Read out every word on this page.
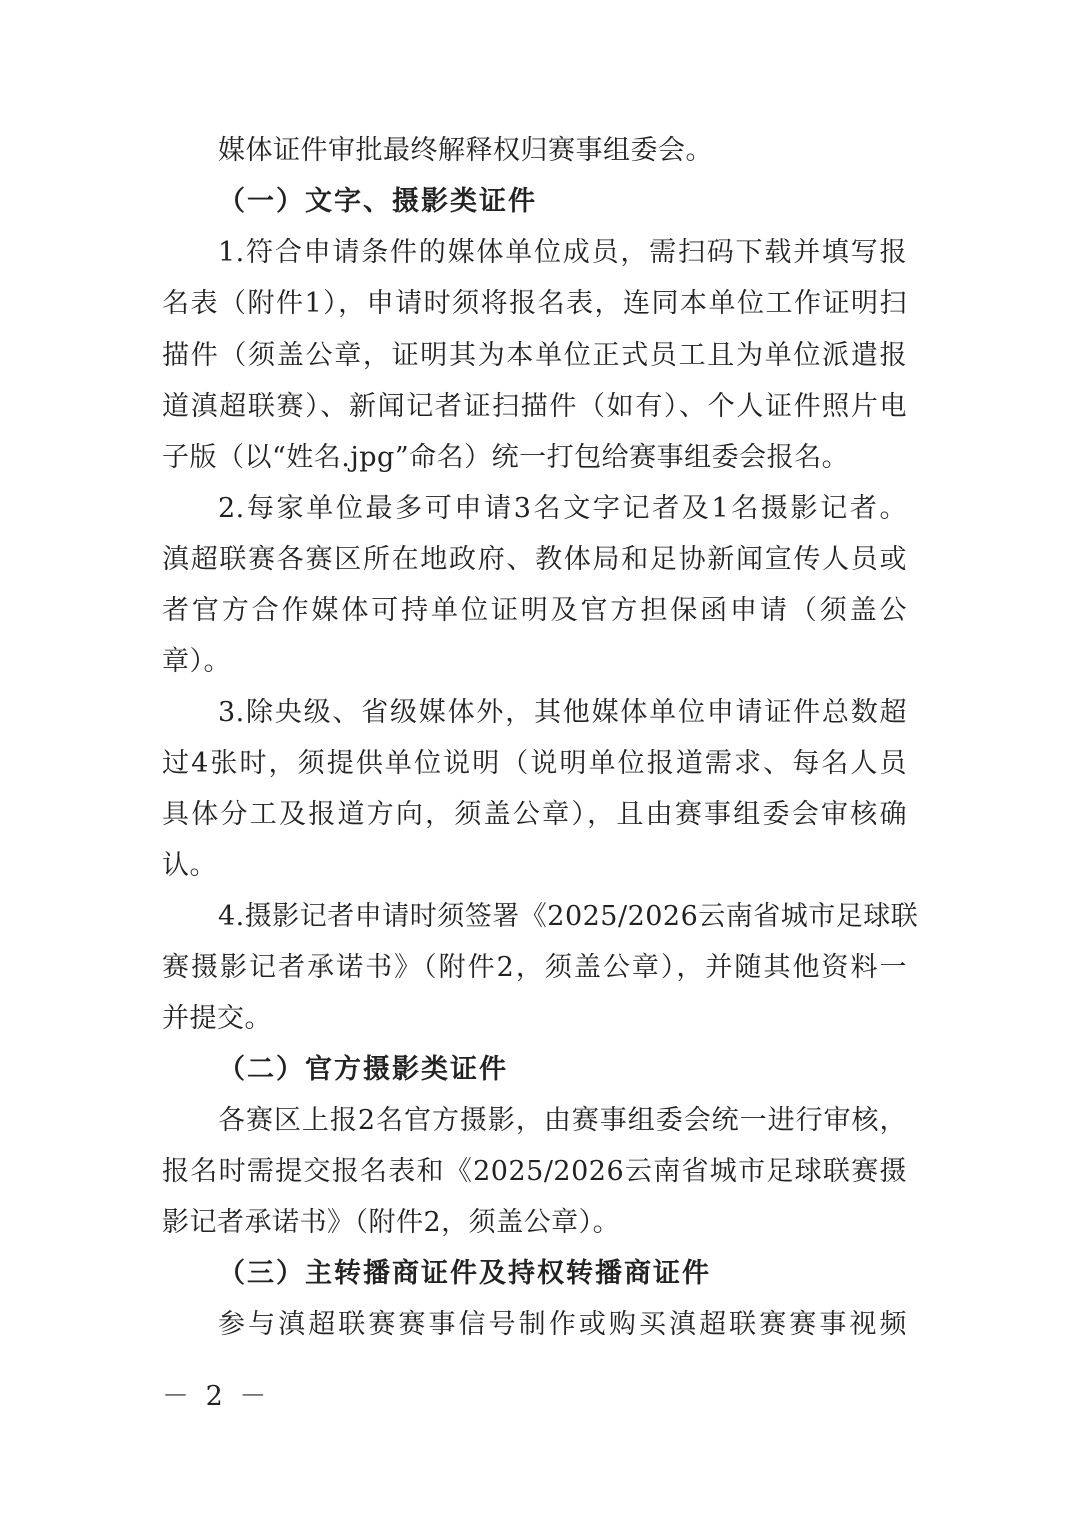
媒体证件审批最终解释权归赛事组委会。
（一）文字、摄影类证件
1.符合申请条件的媒体单位成员，需扫码下载并填写报
名表（附件1），申请时须将报名表，连同本单位工作证明扫
描件（须盖公章，证明其为本单位正式员工且为单位派遣报
道滇超联赛）、新闻记者证扫描件（如有）、个人证件照片电
子版（以“姓名.jpg”命名）统一打包给赛事组委会报名。
2.每家单位最多可申请3名文字记者及1名摄影记者。
滇超联赛各赛区所在地政府、教体局和足协新闻宣传人员或
者官方合作媒体可持单位证明及官方担保函申请（须盖公
章）。
3.除央级、省级媒体外，其他媒体单位申请证件总数超
过4张时，须提供单位说明（说明单位报道需求、每名人员
具体分工及报道方向，须盖公章），且由赛事组委会审核确
认。
4.摄影记者申请时须签署《2025/2026云南省城市足球联
赛摄影记者承诺书》（附件2，须盖公章），并随其他资料一
并提交。
（二）官方摄影类证件
各赛区上报2名官方摄影，由赛事组委会统一进行审核，
报名时需提交报名表和《2025/2026云南省城市足球联赛摄
影记者承诺书》（附件2，须盖公章）。
（三）主转播商证件及持权转播商证件
参与滇超联赛赛事信号制作或购买滇超联赛赛事视频
－ 2 －
